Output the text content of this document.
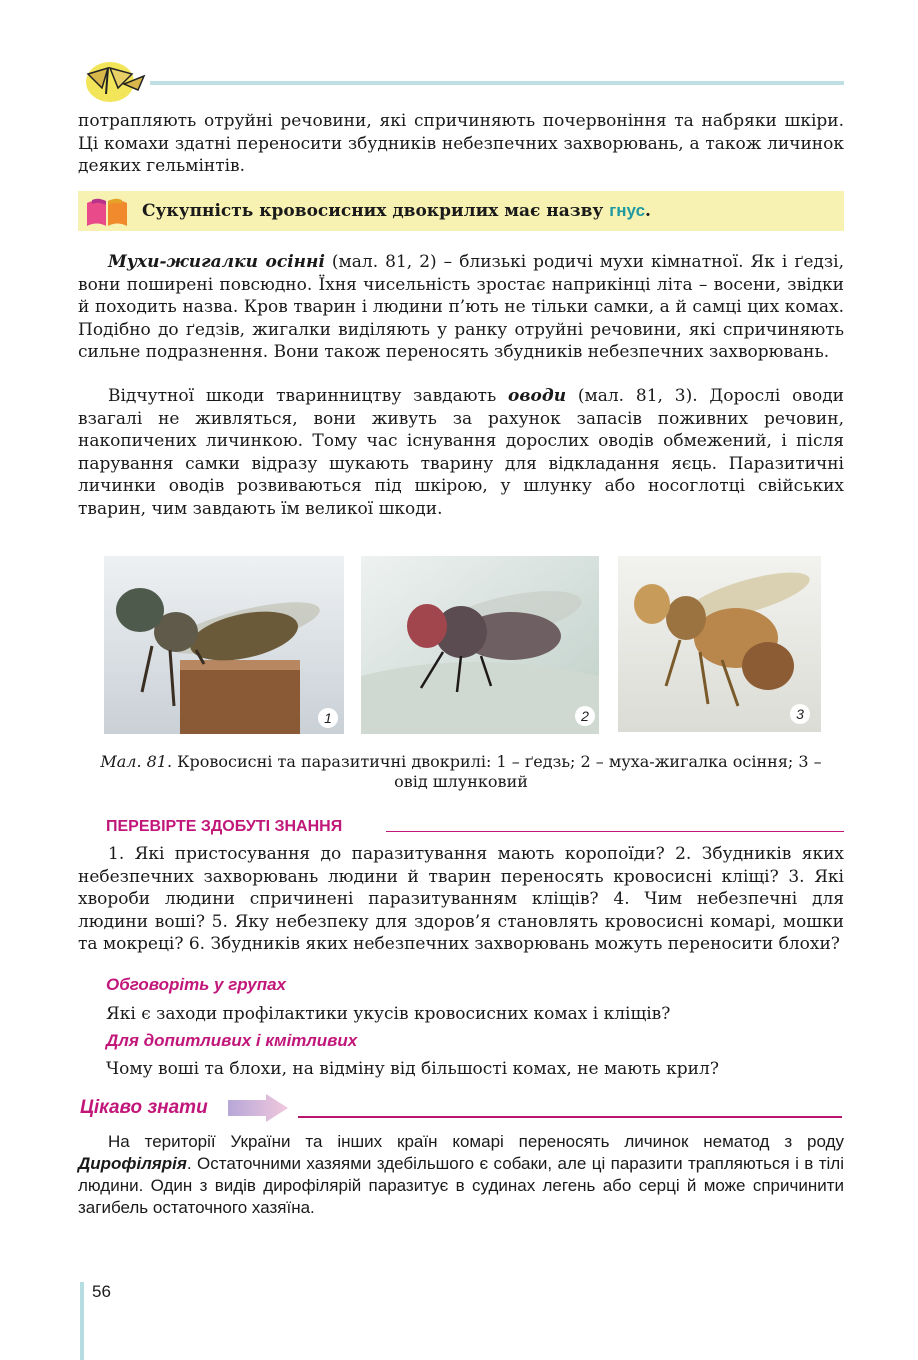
потрапляють отруйні речовини, які спричиняють почервоніння та набряки шкіри. Ці комахи здатні переносити збудників небезпечних захворювань, а також личинок деяких гельмінтів.
Сукупність кровосисних двокрилих має назву гнус.
Мухи-жигалки осінні (мал. 81, 2) – близькі родичі мухи кімнатної. Як і ґедзі, вони поширені повсюдно. Їхня чисельність зростає наприкінці літа – восени, звідки й походить назва. Кров тварин і людини п’ють не тільки самки, а й самці цих комах. Подібно до ґедзів, жигалки виділяють у ранку отруйні речовини, які спричиняють сильне подразнення. Вони також переносять збудників небезпечних захворювань.
Відчутної шкоди тваринництву завдають оводи (мал. 81, 3). Дорослі оводи взагалі не живляться, вони живуть за рахунок запасів поживних речовин, накопичених личинкою. Тому час існування дорослих оводів обмежений, і після парування самки відразу шукають тварину для відкладання яєць. Паразитичні личинки оводів розвиваються під шкірою, у шлунку або носоглотці свійських тварин, чим завдають їм великої шкоди.
1	2	3
Мал. 81. Кровосисні та паразитичні двокрилі: 1 – ґедзь; 2 – муха-жигалка осіння; 3 – овід шлунковий
ПЕРЕВІРТЕ ЗДОБУТІ ЗНАННЯ
1. Які пристосування до паразитування мають коропоїди? 2. Збудників яких небезпечних захворювань людини й тварин переносять кровосисні кліщі? 3. Які хвороби людини спричинені паразитуванням кліщів? 4. Чим небезпечні для людини воші? 5. Яку небезпеку для здоров’я становлять кровосисні комарі, мошки та мокреці? 6. Збудників яких небезпечних захворювань можуть переносити блохи?
Обговоріть у групах
Які є заходи профілактики укусів кровосисних комах і кліщів?
Для допитливих і кмітливих
Чому воші та блохи, на відміну від більшості комах, не мають крил?
Цікаво знати
На території України та інших країн комарі переносять личинок нематод з роду Дирофілярія. Остаточними хазяями здебільшого є собаки, але ці паразити трапляються і в тілі людини. Один з видів дирофілярій паразитує в судинах легень або серці й може спричинити загибель остаточного хазяїна.
56
